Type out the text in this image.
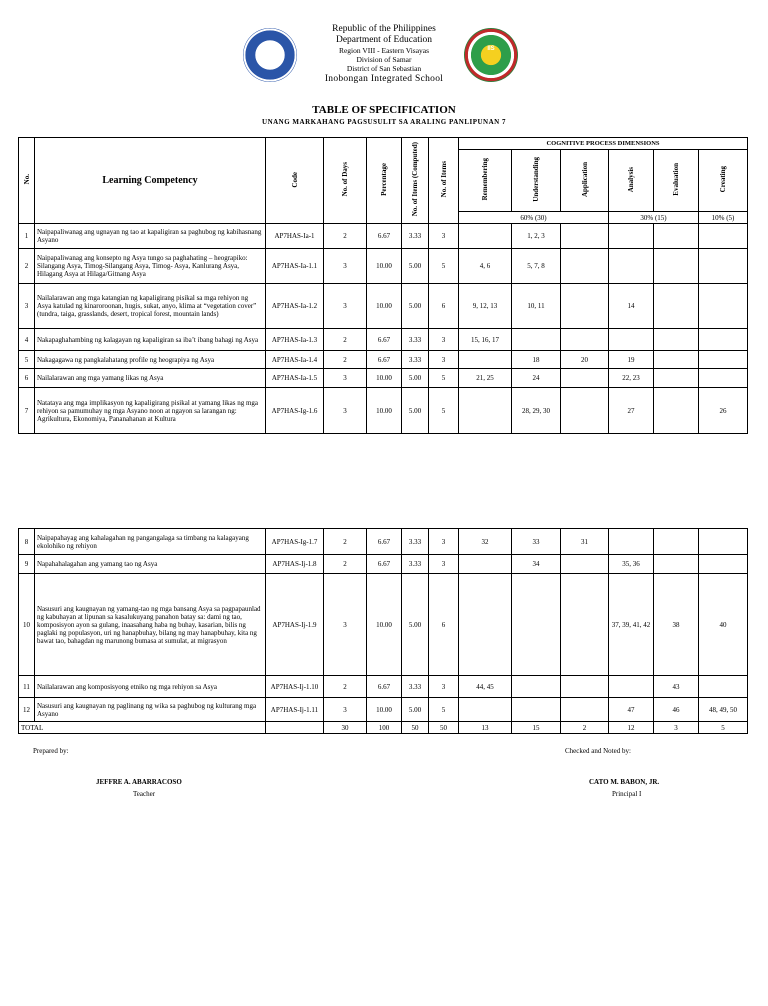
DepEd	IIS
Republic of the Philippines
Department of Education
Region VIII - Eastern Visayas
Division of Samar
District of San Sebastian
Inobongan Integrated School
TABLE OF SPECIFICATION
UNANG MARKAHANG PAGSUSULIT SA ARALING PANLIPUNAN 7
No.	Learning Competency	Code	No. of Days	Percentage	No. of Items (Computed)	No. of Items	COGNITIVE PROCESS DIMENSIONS					
							Remembering	Understanding	Application	Analysis	Evaluation	Creating
							60% (30)			30% (15)		10% (5)
1	Naipapaliwanag ang ugnayan ng tao at kapaligiran sa paghubog ng kabihasnang Asyano	AP7HAS-Ia-1	2	6.67	3.33	3		1, 2, 3				
2	Naipapaliwanag ang konsepto ng Asya tungo sa paghahating – heograpiko: Silangang Asya, Timog-Silangang Asya, Timog- Asya, Kanlurang Asya, Hilagang Asya at Hilaga/Gitnang Asya	AP7HAS-Ia-1.1	3	10.00	5.00	5	4, 6	5, 7, 8				
3	Nailalarawan ang mga katangian ng kapaligirang pisikal sa mga rehiyon ng Asya katulad ng kinaroroonan, hugis, sukat, anyo, klima at “vegetation cover” (tundra, taiga, grasslands, desert, tropical forest, mountain lands)	AP7HAS-Ia-1.2	3	10.00	5.00	6	9, 12, 13	10, 11		14		
4	Nakapaghahambing ng kalagayan ng kapaligiran sa iba’t ibang bahagi ng Asya	AP7HAS-Ia-1.3	2	6.67	3.33	3	15, 16, 17					
5	Nakagagawa ng pangkalahatang profile ng heograpiya ng Asya	AP7HAS-Ia-1.4	2	6.67	3.33	3		18	20	19		
6	Nailalarawan ang mga yamang likas ng Asya	AP7HAS-Ia-1.5	3	10.00	5.00	5	21, 25	24		22, 23		
7	Natataya ang mga implikasyon ng kapaligirang pisikal at yamang likas ng mga rehiyon sa pamumuhay ng mga Asyano noon at ngayon sa larangan ng: Agrikultura, Ekonomiya, Pananahanan at Kultura	AP7HAS-Ig-1.6	3	10.00	5.00	5		28, 29, 30		27		26
8	Naipapahayag ang kahalagahan ng pangangalaga sa timbang na kalagayang ekolohiko ng rehiyon	AP7HAS-Ig-1.7	2	6.67	3.33	3	32	33	31			
9	Napahahalagahan ang yamang tao ng Asya	AP7HAS-Ij-1.8	2	6.67	3.33	3		34		35, 36		
10	Nasusuri ang kaugnayan ng yamang-tao ng mga bansang Asya sa pagpapaunlad ng kabuhayan at lipunan sa kasalukuyang panahon batay sa: dami ng tao, komposisyon ayon sa gulang, inaasahang haba ng buhay, kasarian, bilis ng paglaki ng populasyon, uri ng hanapbuhay, bilang ng may hanapbuhay, kita ng bawat tao, bahagdan ng marunong bumasa at sumulat, at migrasyon	AP7HAS-Ij-1.9	3	10.00	5.00	6				37, 39, 41, 42	38	40
11	Nailalarawan ang komposisyong etniko ng mga rehiyon sa Asya	AP7HAS-Ij-1.10	2	6.67	3.33	3	44, 45				43	
12	Nasusuri ang kaugnayan ng paglinang ng wika sa paghubog ng kulturang mga Asyano	AP7HAS-Ij-1.11	3	10.00	5.00	5				47	46	48, 49, 50
TOTAL			30	100	50	50	13	15	2	12	3	5
Prepared by:
JEFFRE A. ABARRACOSO
Teacher
Checked and Noted by:
CATO M. BABON, JR.
Principal I
